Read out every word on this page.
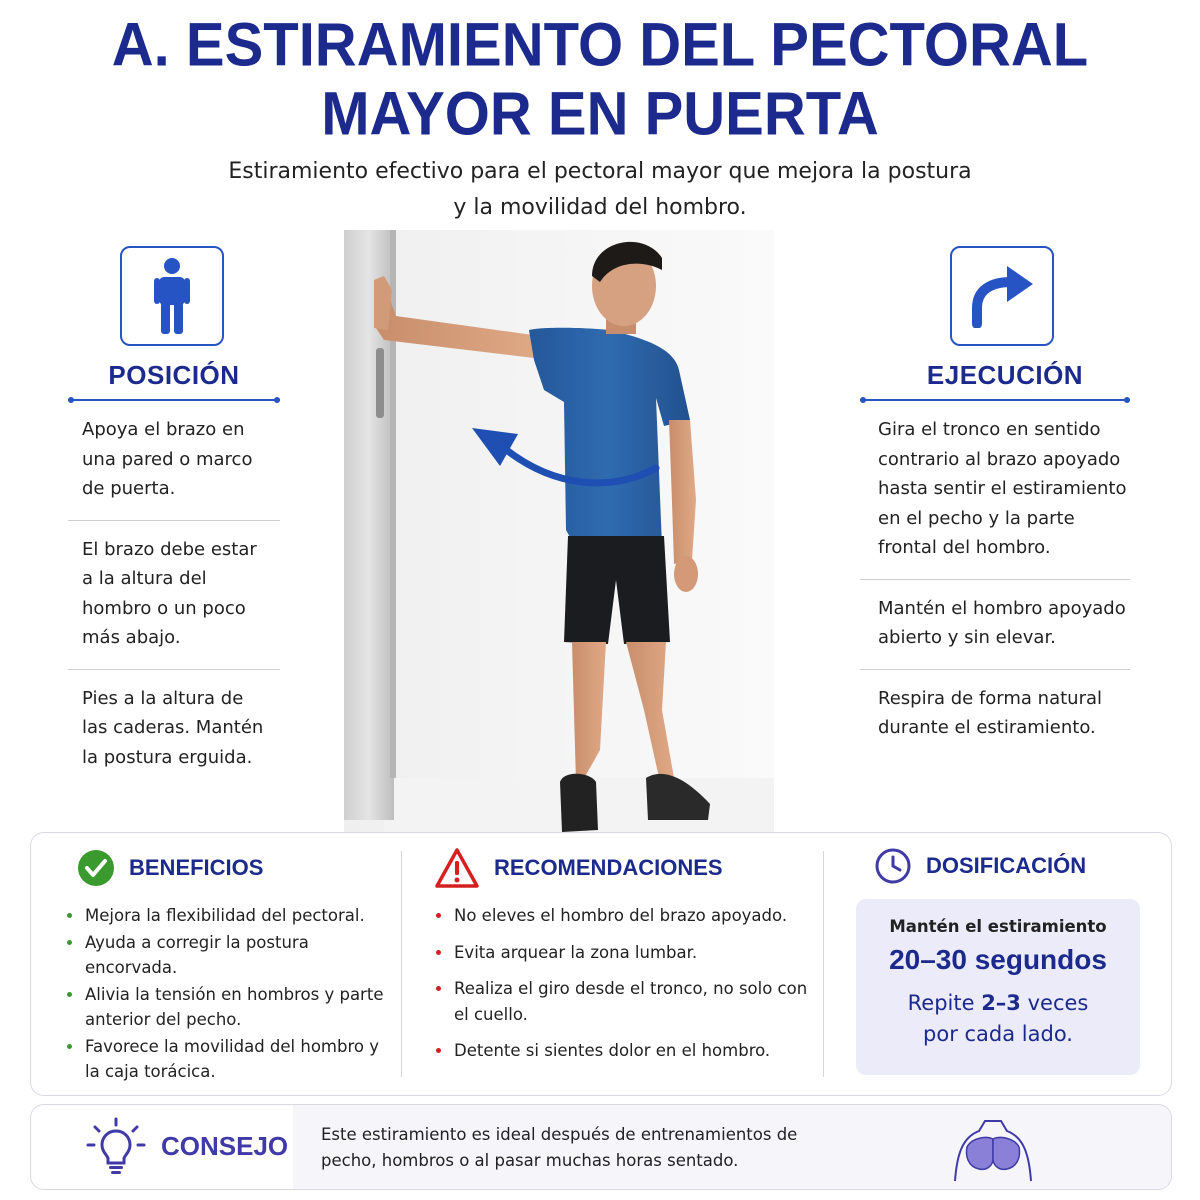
A. ESTIRAMIENTO DEL PECTORAL MAYOR EN PUERTA
Estiramiento efectivo para el pectoral mayor que mejora la postura
y la movilidad del hombro.
POSICIÓN
Apoya el brazo en una pared o marco de puerta.
El brazo debe estar a la altura del hombro o un poco más abajo.
Pies a la altura de las caderas. Mantén la postura erguida.
EJECUCIÓN
Gira el tronco en sentido contrario al brazo apoyado hasta sentir el estiramiento en el pecho y la parte frontal del hombro.
Mantén el hombro apoyado abierto y sin elevar.
Respira de forma natural durante el estiramiento.
BENEFICIOS
Mejora la flexibilidad del pectoral.
Ayuda a corregir la postura encorvada.
Alivia la tensión en hombros y parte anterior del pecho.
Favorece la movilidad del hombro y la caja torácica.
RECOMENDACIONES
No eleves el hombro del brazo apoyado.
Evita arquear la zona lumbar.
Realiza el giro desde el tronco, no solo con el cuello.
Detente si sientes dolor en el hombro.
DOSIFICACIÓN
Mantén el estiramiento
20–30 segundos
Repite 2–3 veces
por cada lado.
CONSEJO Este estiramiento es ideal después de entrenamientos de pecho, hombros o al pasar muchas horas sentado.
